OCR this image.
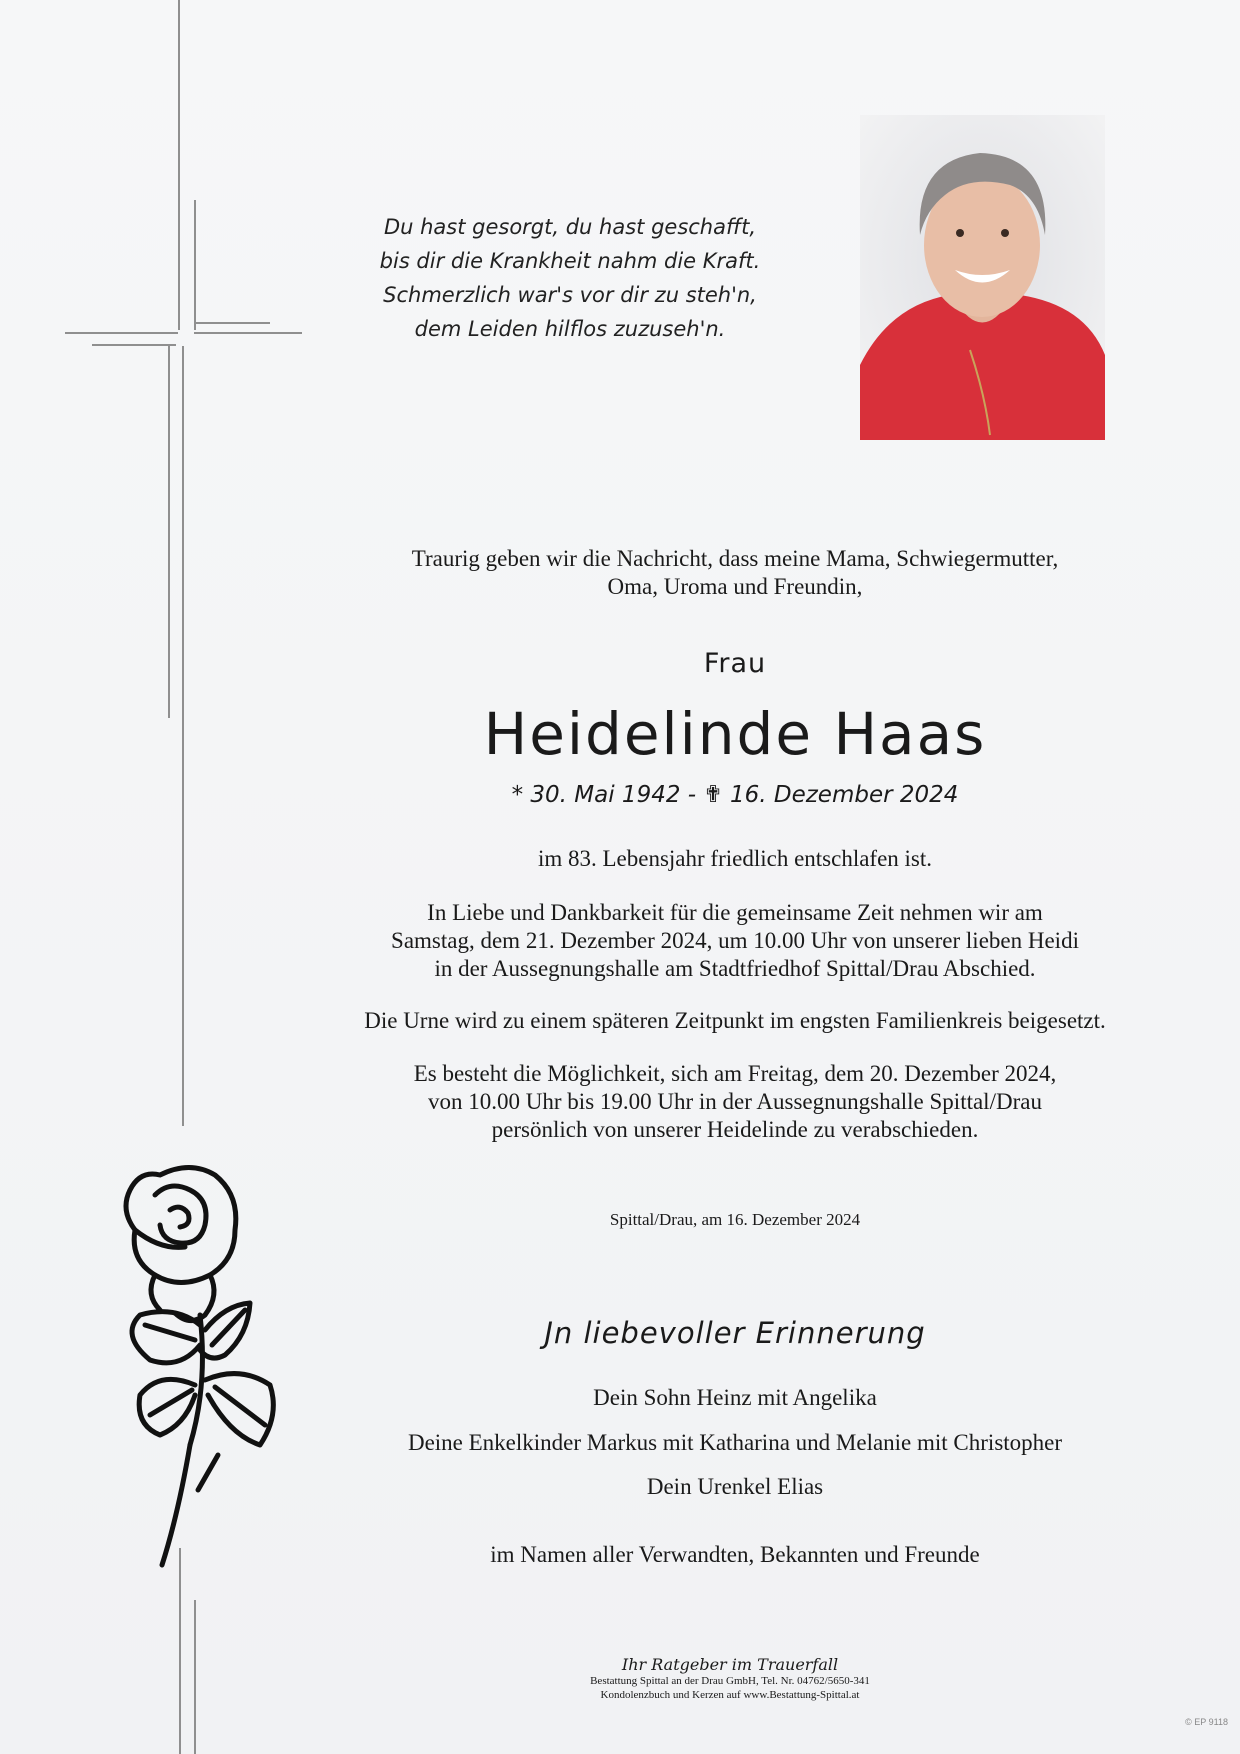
Du hast gesorgt, du hast geschafft,
bis dir die Krankheit nahm die Kraft.
Schmerzlich war's vor dir zu steh'n,
dem Leiden hilflos zuzuseh'n.
Traurig geben wir die Nachricht, dass meine Mama, Schwiegermutter,
Oma, Uroma und Freundin,
Frau
Heidelinde Haas
* 30. Mai 1942 - ✟ 16. Dezember 2024
im 83. Lebensjahr friedlich entschlafen ist.
In Liebe und Dankbarkeit für die gemeinsame Zeit nehmen wir am
Samstag, dem 21. Dezember 2024, um 10.00 Uhr von unserer lieben Heidi
in der Aussegnungshalle am Stadtfriedhof Spittal/Drau Abschied.
Die Urne wird zu einem späteren Zeitpunkt im engsten Familienkreis beigesetzt.
Es besteht die Möglichkeit, sich am Freitag, dem 20. Dezember 2024,
von 10.00 Uhr bis 19.00 Uhr in der Aussegnungshalle Spittal/Drau
persönlich von unserer Heidelinde zu verabschieden.
Spittal/Drau, am 16. Dezember 2024
Jn liebevoller Erinnerung
Dein Sohn Heinz mit Angelika
Deine Enkelkinder Markus mit Katharina und Melanie mit Christopher
Dein Urenkel Elias
im Namen aller Verwandten, Bekannten und Freunde
Ihr Ratgeber im Trauerfall
Bestattung Spittal an der Drau GmbH, Tel. Nr. 04762/5650-341
Kondolenzbuch und Kerzen auf www.Bestattung-Spittal.at
© EP 9118
